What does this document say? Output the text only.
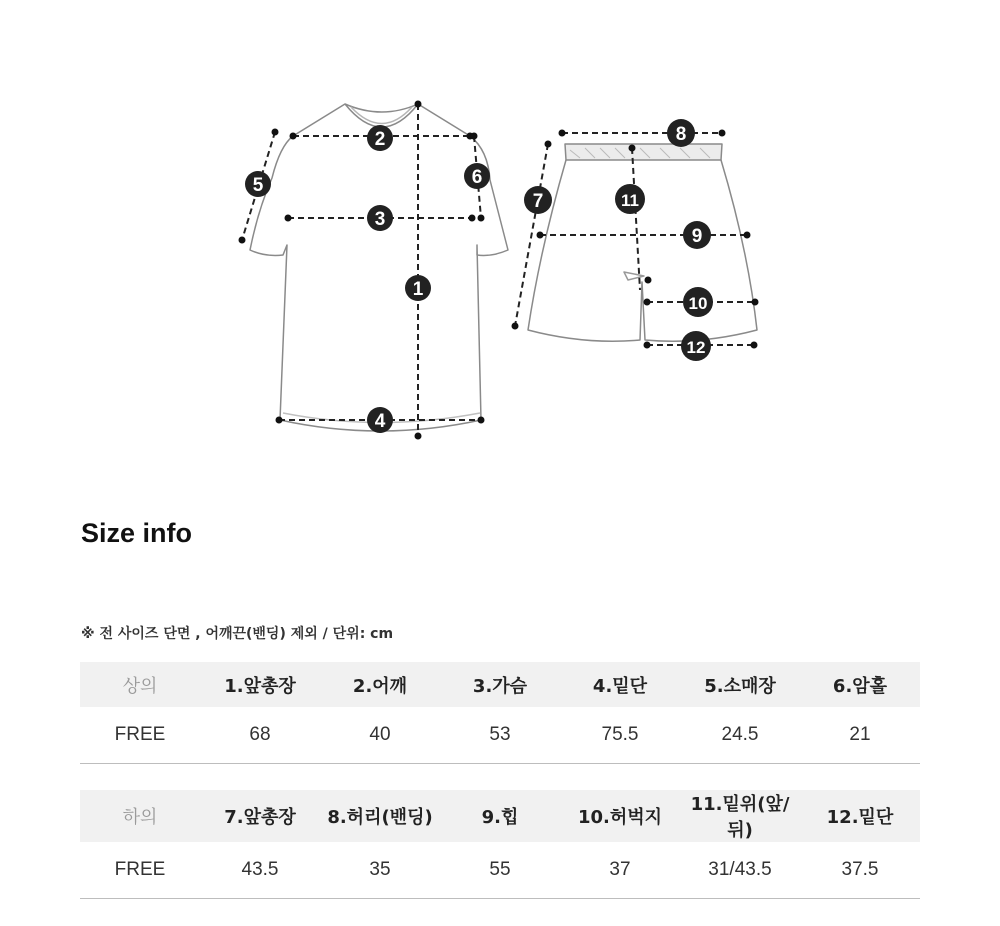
1
2
3
4
5	6
7
8
9
10
11
12
Size info
※ 전 사이즈 단면 , 어깨끈(밴딩) 제외 / 단위: cm
상의	1.앞총장	2.어깨	3.가슴	4.밑단	5.소매장	6.암홀
FREE	68	40	53	75.5	24.5	21
하의	7.앞총장	8.허리(밴딩)	9.힙	10.허벅지	11.밑위(앞/뒤)	12.밑단
FREE	43.5	35	55	37	31/43.5	37.5
